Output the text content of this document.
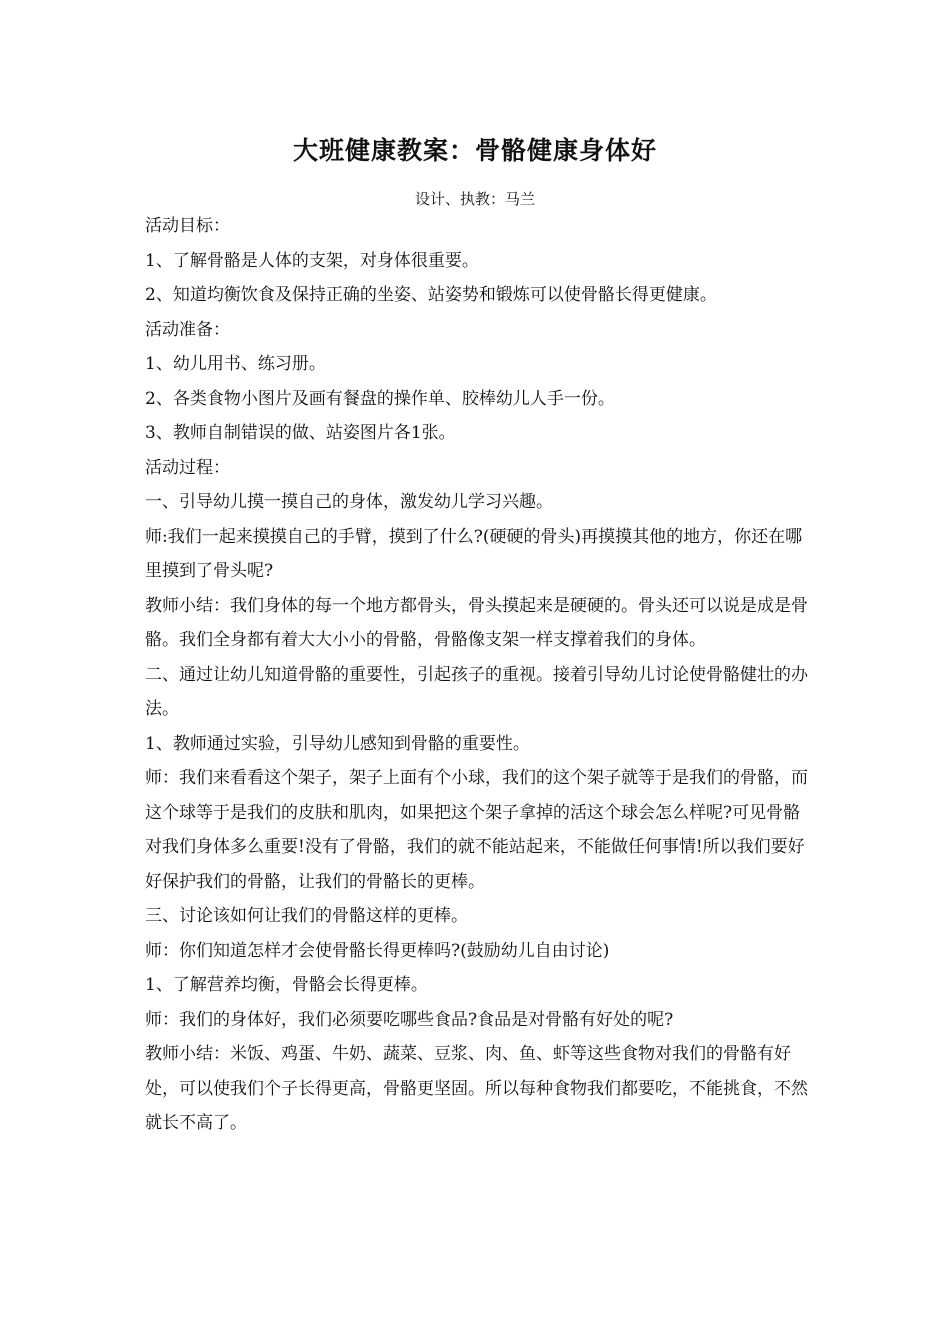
大班健康教案：骨骼健康身体好
设计、执教：马兰

活动目标：

1、了解骨骼是人体的支架，对身体很重要。

2、知道均衡饮食及保持正确的坐姿、站姿势和锻炼可以使骨骼长得更健康。

活动准备：

1、幼儿用书、练习册。

2、各类食物小图片及画有餐盘的操作单、胶棒幼儿人手一份。

3、教师自制错误的做、站姿图片各1张。

活动过程：

一、引导幼儿摸一摸自己的身体，激发幼儿学习兴趣。

师:我们一起来摸摸自己的手臂，摸到了什么?(硬硬的骨头)再摸摸其他的地方，你还在哪里摸到了骨头呢?

教师小结：我们身体的每一个地方都骨头，骨头摸起来是硬硬的。骨头还可以说是成是骨骼。我们全身都有着大大小小的骨骼，骨骼像支架一样支撑着我们的身体。

二、通过让幼儿知道骨骼的重要性，引起孩子的重视。接着引导幼儿讨论使骨骼健壮的办法。

1、教师通过实验，引导幼儿感知到骨骼的重要性。

师：我们来看看这个架子，架子上面有个小球，我们的这个架子就等于是我们的骨骼，而这个球等于是我们的皮肤和肌肉，如果把这个架子拿掉的活这个球会怎么样呢?可见骨骼对我们身体多么重要!没有了骨骼，我们的就不能站起来，不能做任何事情!所以我们要好好保护我们的骨骼，让我们的骨骼长的更棒。

三、讨论该如何让我们的骨骼这样的更棒。

师：你们知道怎样才会使骨骼长得更棒吗?(鼓励幼儿自由讨论)

1、了解营养均衡，骨骼会长得更棒。

师：我们的身体好，我们必须要吃哪些食品?食品是对骨骼有好处的呢?

教师小结：米饭、鸡蛋、牛奶、蔬菜、豆浆、肉、鱼、虾等这些食物对我们的骨骼有好处，可以使我们个子长得更高，骨骼更坚固。所以每种食物我们都要吃，不能挑食，不然就长不高了。
